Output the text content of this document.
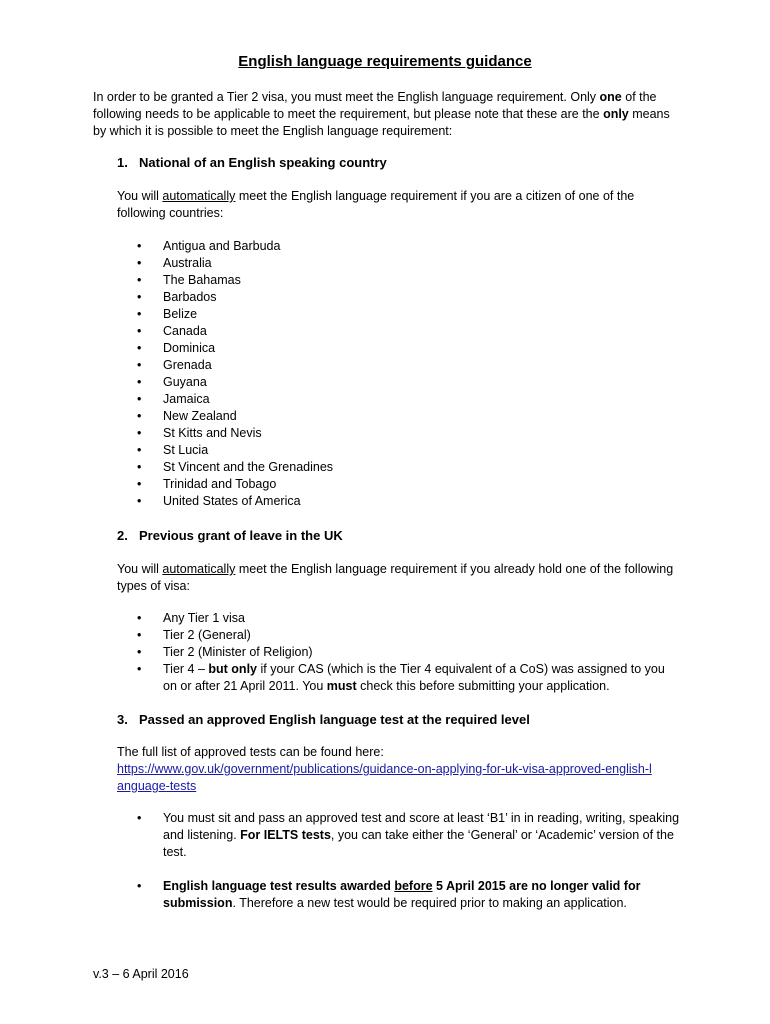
English language requirements guidance
In order to be granted a Tier 2 visa, you must meet the English language requirement. Only one of the following needs to be applicable to meet the requirement, but please note that these are the only means by which it is possible to meet the English language requirement:
1. National of an English speaking country
You will automatically meet the English language requirement if you are a citizen of one of the following countries:
• Antigua and Barbuda
• Australia
• The Bahamas
• Barbados
• Belize
• Canada
• Dominica
• Grenada
• Guyana
• Jamaica
• New Zealand
• St Kitts and Nevis
• St Lucia
• St Vincent and the Grenadines
• Trinidad and Tobago
• United States of America
2. Previous grant of leave in the UK
You will automatically meet the English language requirement if you already hold one of the following types of visa:
• Any Tier 1 visa
• Tier 2 (General)
• Tier 2 (Minister of Religion)
• Tier 4 – but only if your CAS (which is the Tier 4 equivalent of a CoS) was assigned to you on or after 21 April 2011. You must check this before submitting your application.
3. Passed an approved English language test at the required level
The full list of approved tests can be found here:
https://www.gov.uk/government/publications/guidance-on-applying-for-uk-visa-approved-english-language-tests
• You must sit and pass an approved test and score at least ‘B1’ in in reading, writing, speaking and listening. For IELTS tests, you can take either the ‘General’ or ‘Academic’ version of the test.
• English language test results awarded before 5 April 2015 are no longer valid for submission. Therefore a new test would be required prior to making an application.
v.3 – 6 April 2016
